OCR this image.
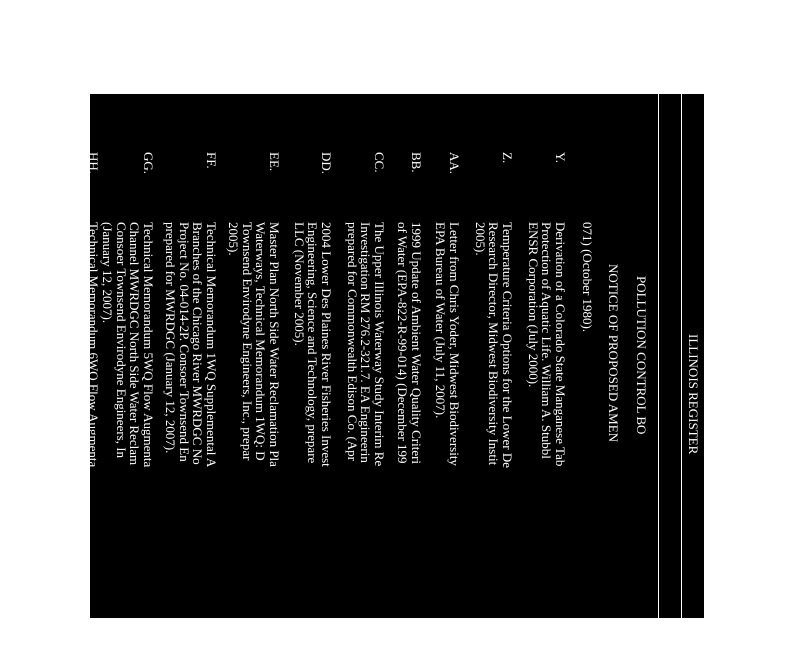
ILLINOIS REGISTER
POLLUTION CONTROL BO
NOTICE OF PROPOSED AMEN
071) (October 1980).
Y.
Derivation of a Colorado State Manganese Tab
Protection of Aquatic Life. William A. Stubbl
ENSR Corporation (July 2000).
Z.
Temperature Criteria Options for the Lower De
Research Director, Midwest Biodiversity Instit
2005).
AA.
Letter from Chris Yoder, Midwest Biodiversity
EPA Bureau of Water (July 11, 2007).
BB.
1999 Update of Ambient Water Quality Criteri
of Water (EPA-822-R-99-014) (December 199
CC.
The Upper Illinois Waterway Study Interim Re
Investigation RM 276.2-321.7. EA Engineerin
prepared for Commonwealth Edison Co. (Apr
DD.
2004 Lower Des Plaines River Fisheries Invest
Engineering, Science and Technology, prepare
LLC (November 2005).
EE.
Master Plan North Side Water Reclamation Pla
Waterways, Technical Memorandum 1WQ: D
Townsend Envirodyne Engineers, Inc., prepar
2005).
FF.
Technical Memorandum 1WQ Supplemental A
Branches of the Chicago River MWRDGC No
Project No. 04-014-2P. Consoer Townsend En
prepared for MWRDGC (January 12, 2007).
GG.
Technical Memorandum 5WQ Flow Augmenta
Channel MWRDGC North Side Water Reclam
Consoer Townsend Envirodyne Engineers, In
(January 12, 2007).
HH.
Technical Memorandum 6WQ Flow Augmenta
